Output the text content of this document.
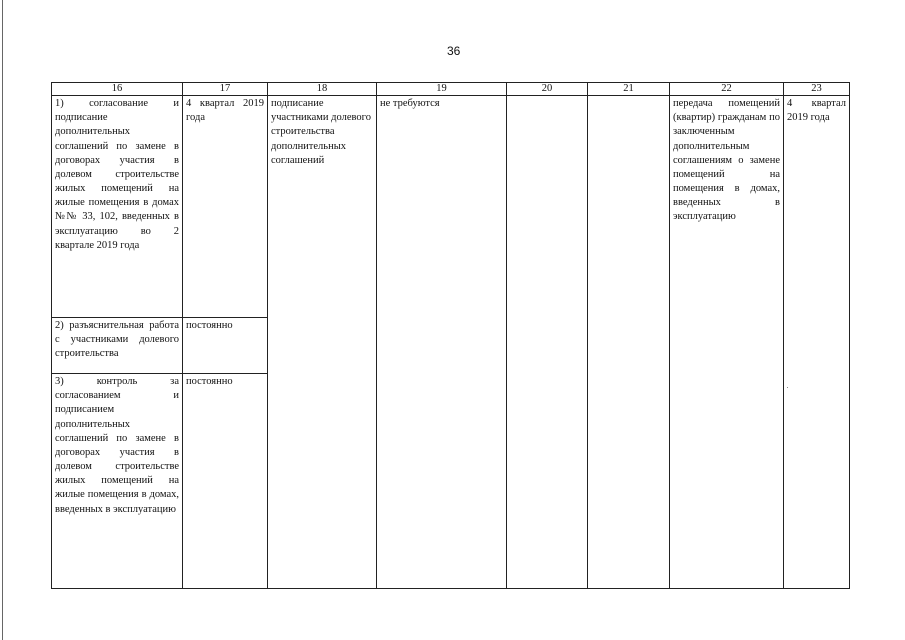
36
16	17	18	19	20	21	22	23
1) согласование и подписание дополнительных соглашений по замене в договорах участия в долевом строительстве жилых помещений на жилые помещения в домах №№ 33, 102, введенных в эксплуатацию во 2 квартале 2019 года	4 квартал 2019 года	подписание участниками долевого строительства дополнительных соглашений	не требуются			передача помещений (квартир) гражданам по заключенным дополнительным соглашениям о замене помещений на помещения в домах, введенных в эксплуатацию	4 квартал 2019 года
2) разъяснительная работа с участниками долевого строительства	постоянно						
3) контроль за согласованием и подписанием дополнительных соглашений по замене в договорах участия в долевом строительстве жилых помещений на жилые помещения в домах, введенных в эксплуатацию	постоянно						
